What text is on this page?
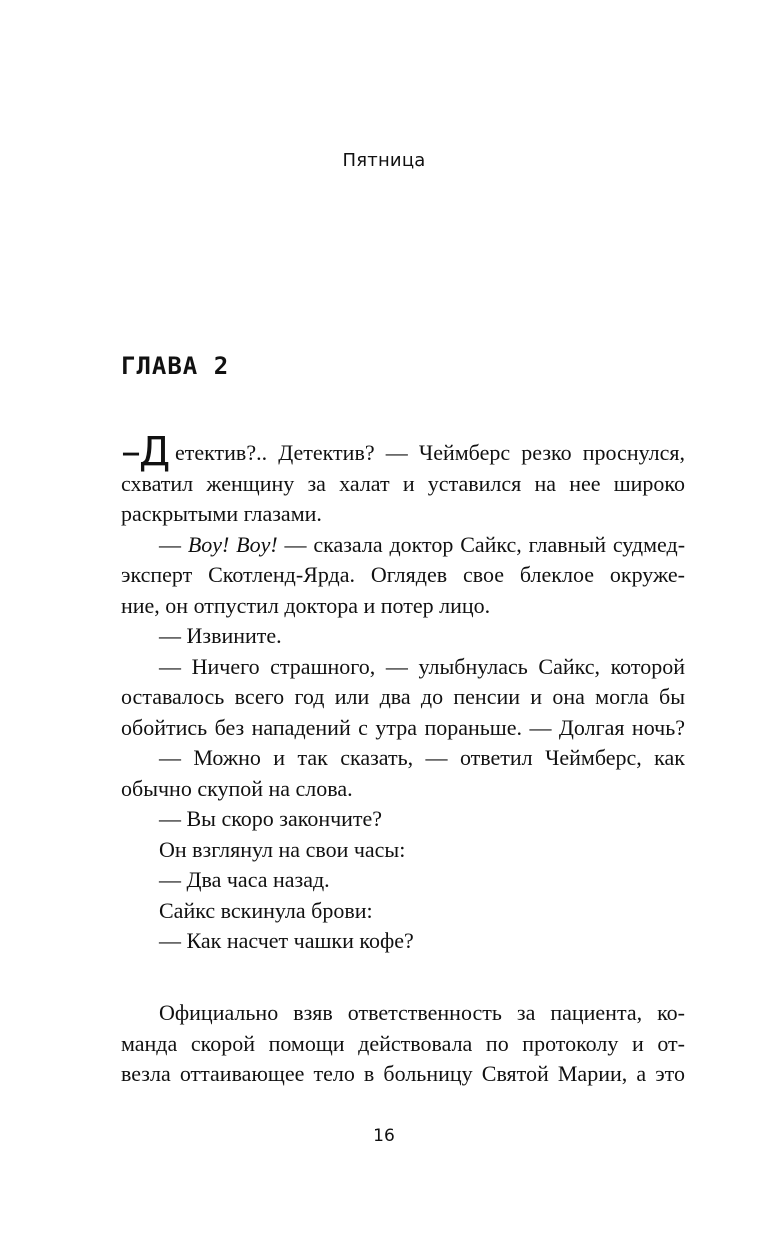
Пятница
ГЛАВА 2
–Д етектив?.. Детектив? — Чеймберс резко проснулся,
схватил женщину за халат и уставился на нее широко
раскрытыми глазами.
— Boy! Boy! — сказала доктор Сайкс, главный судмед-
эксперт Скотленд-Ярда. Оглядев свое блеклое окруже-
ние, он отпустил доктора и потер лицо.
— Извините.
— Ничего страшного, — улыбнулась Сайкс, которой
оставалось всего год или два до пенсии и она могла бы
обойтись без нападений с утра пораньше. — Долгая ночь?
— Можно и так сказать, — ответил Чеймберс, как
обычно скупой на слова.
— Вы скоро закончите?
Он взглянул на свои часы:
— Два часа назад.
Сайкс вскинула брови:
— Как насчет чашки кофе?
Официально взяв ответственность за пациента, ко-
манда скорой помощи действовала по протоколу и от-
везла оттаивающее тело в больницу Святой Марии, а это
16
